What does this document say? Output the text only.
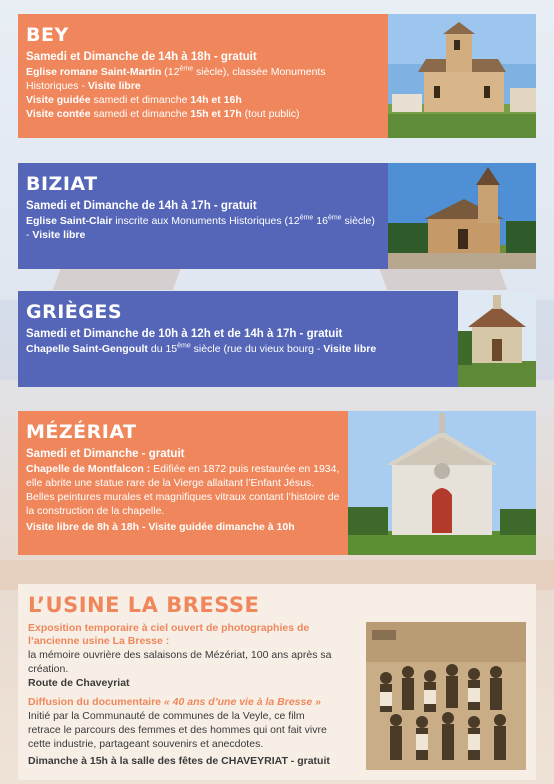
BEY
Samedi et Dimanche de 14h à 18h - gratuit

Eglise romane Saint-Martin (12ème siècle), classée Monuments Historiques - Visite libre

Visite guidée samedi et dimanche 14h et 16h

Visite contée samedi et dimanche 15h et 17h (tout public)

BIZIAT
Samedi et Dimanche de 14h à 17h - gratuit

Eglise Saint-Clair inscrite aux Monuments Historiques (12ème 16ème siècle) - Visite libre

GRIÈGES
Samedi et Dimanche de 10h à 12h et de 14h à 17h - gratuit

Chapelle Saint-Gengoult du 15ème siècle (rue du vieux bourg - Visite libre

MÉZÉRIAT
Samedi et Dimanche - gratuit

Chapelle de Montfalcon : Edifiée en 1872 puis restaurée en 1934, elle abrite une statue rare de la Vierge allaitant l’Enfant Jésus. Belles peintures murales et magnifiques vitraux contant l’histoire de la construction de la chapelle.

Visite libre de 8h à 18h - Visite guidée dimanche à 10h

L’USINE LA BRESSE
Exposition temporaire à ciel ouvert de photographies de l’ancienne usine La Bresse :

la mémoire ouvrière des salaisons de Mézériat, 100 ans après sa création.

Route de Chaveyriat

Diffusion du documentaire « 40 ans d’une vie à la Bresse »

Initié par la Communauté de communes de la Veyle, ce film retrace le parcours des femmes et des hommes qui ont fait vivre cette industrie, partageant souvenirs et anecdotes.

Dimanche à 15h à la salle des fêtes de CHAVEYRIAT - gratuit
